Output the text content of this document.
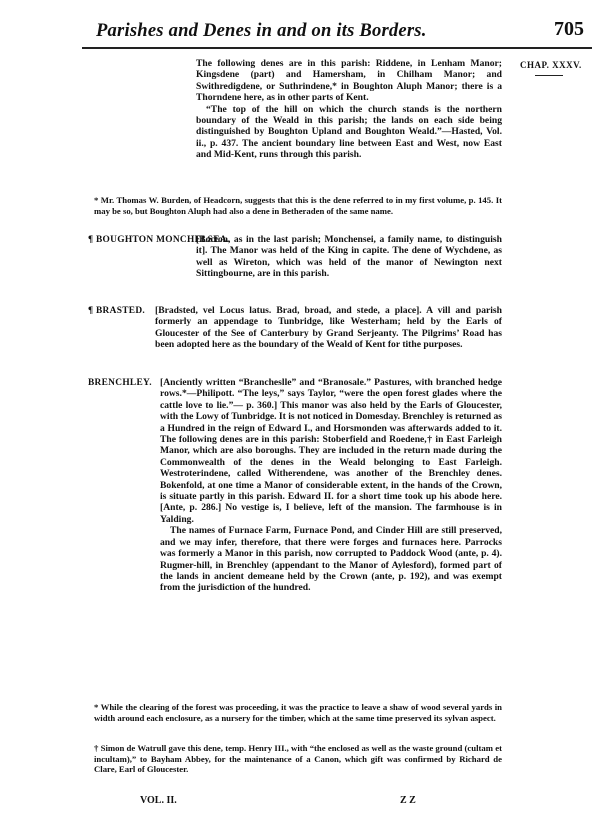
Parishes and Denes in and on its Borders.	705
CHAP. XXXV.

The following denes are in this parish: Riddene, in Lenham Manor; Kingsdene (part) and Hamersham, in Chilham Manor; and Swithredigdene, or Suthrindene,* in Boughton Aluph Manor; there is a Thorndene here, as in other parts of Kent.

“The top of the hill on which the church stands is the northern boundary of the Weald in this parish; the lands on each side being distinguished by Boughton Upland and Boughton Weald.”—Hasted, Vol. ii., p. 437. The ancient boundary line between East and West, now East and Mid-Kent, runs through this parish.

* Mr. Thomas W. Burden, of Headcorn, suggests that this is the dene referred to in my first volume, p. 145. It may be so, but Boughton Aluph had also a dene in Betheraden of the same name.
¶ BOUGHTON MONCHELSEA.
[Bocton, as in the last parish; Monchensei, a family name, to distinguish it]. The Manor was held of the King in capite. The dene of Wychdene, as well as Wireton, which was held of the manor of Newington next Sittingbourne, are in this parish.
¶ BRASTED. [Bradsted, vel Locus latus. Brad, broad, and stede, a place]. A vill and parish formerly an appendage to Tunbridge, like Westerham; held by the Earls of Gloucester of the See of Canterbury by Grand Serjeanty. The Pilgrims’ Road has been adopted here as the boundary of the Weald of Kent for tithe purposes.
BRENCHLEY. [Anciently written “Brancheslle” and “Branosale.” Pastures, with branched hedge rows.*—Philipott. “The leys,” says Taylor, “were the open forest glades where the cattle love to lie.”— p. 360.] This manor was also held by the Earls of Gloucester, with the Lowy of Tunbridge. It is not noticed in Domesday. Brenchley is returned as a Hundred in the reign of Edward I., and Horsmonden was afterwards added to it. The following denes are in this parish: Stoberfield and Roedene,† in East Farleigh Manor, which are also boroughs. They are included in the return made during the Commonwealth of the denes in the Weald belonging to East Farleigh. Westroterindene, called Witherendene, was another of the Brenchley denes. Bokenfold, at one time a Manor of considerable extent, in the hands of the Crown, is situate partly in this parish. Edward II. for a short time took up his abode here. [Ante, p. 286.] No vestige is, I believe, left of the mansion. The farmhouse is in Yalding.

The names of Furnace Farm, Furnace Pond, and Cinder Hill are still preserved, and we may infer, therefore, that there were forges and furnaces here. Parrocks was formerly a Manor in this parish, now corrupted to Paddock Wood (ante, p. 4). Rugmer-hill, in Brenchley (appendant to the Manor of Aylesford), formed part of the lands in ancient demeane held by the Crown (ante, p. 192), and was exempt from the jurisdiction of the hundred.

* While the clearing of the forest was proceeding, it was the practice to leave a shaw of wood several yards in width around each enclosure, as a nursery for the timber, which at the same time preserved its sylvan aspect.
† Simon de Watrull gave this dene, temp. Henry III., with “the enclosed as well as the waste ground (cultam et incultam),” to Bayham Abbey, for the maintenance of a Canon, which gift was confirmed by Richard de Clare, Earl of Gloucester.
VOL. II.	Z Z
